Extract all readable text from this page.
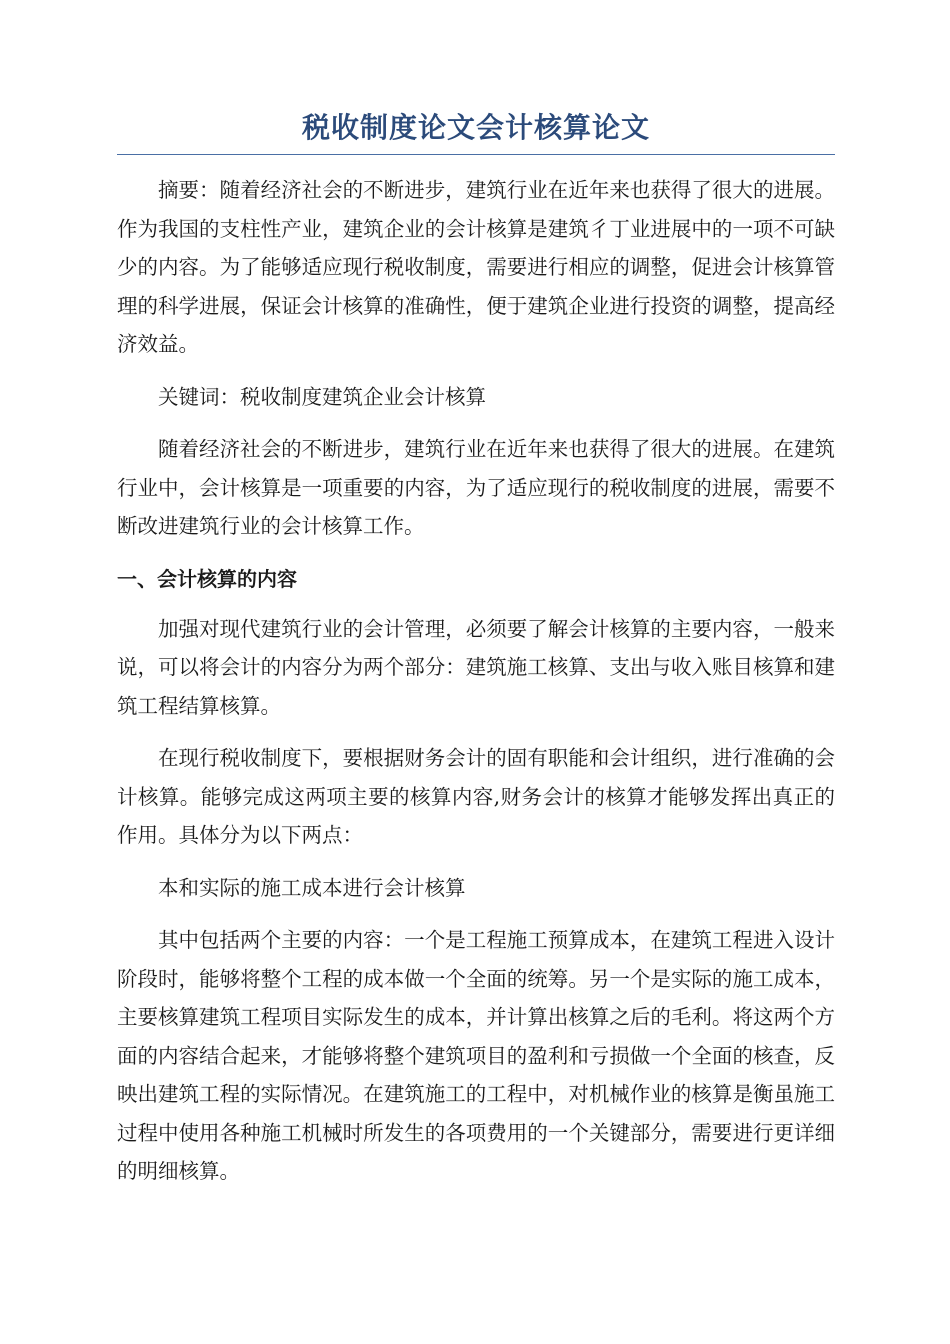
税收制度论文会计核算论文

摘要：随着经济社会的不断进步，建筑行业在近年来也获得了很大的进展。作为我国的支柱性产业，建筑企业的会计核算是建筑彳丁业进展中的一项不可缺少的内容。为了能够适应现行税收制度，需要进行相应的调整，促进会计核算管理的科学进展，保证会计核算的准确性，便于建筑企业进行投资的调整，提高经济效益。

关键词：税收制度建筑企业会计核算

随着经济社会的不断进步，建筑行业在近年来也获得了很大的进展。在建筑行业中，会计核算是一项重要的内容，为了适应现行的税收制度的进展，需要不断改进建筑行业的会计核算工作。

一、会计核算的内容

加强对现代建筑行业的会计管理，必须要了解会计核算的主要内容，一般来说，可以将会计的内容分为两个部分：建筑施工核算、支出与收入账目核算和建筑工程结算核算。

在现行税收制度下，要根据财务会计的固有职能和会计组织，进行准确的会计核算。能够完成这两项主要的核算内容,财务会计的核算才能够发挥出真正的作用。具体分为以下两点：

本和实际的施工成本进行会计核算

其中包括两个主要的内容：一个是工程施工预算成本，在建筑工程进入设计阶段时，能够将整个工程的成本做一个全面的统筹。另一个是实际的施工成本，主要核算建筑工程项目实际发生的成本，并计算出核算之后的毛利。将这两个方面的内容结合起来，才能够将整个建筑项目的盈利和亏损做一个全面的核查，反映出建筑工程的实际情况。在建筑施工的工程中，对机械作业的核算是衡虽施工过程中使用各种施工机械时所发生的各项费用的一个关键部分，需要进行更详细的明细核算。
